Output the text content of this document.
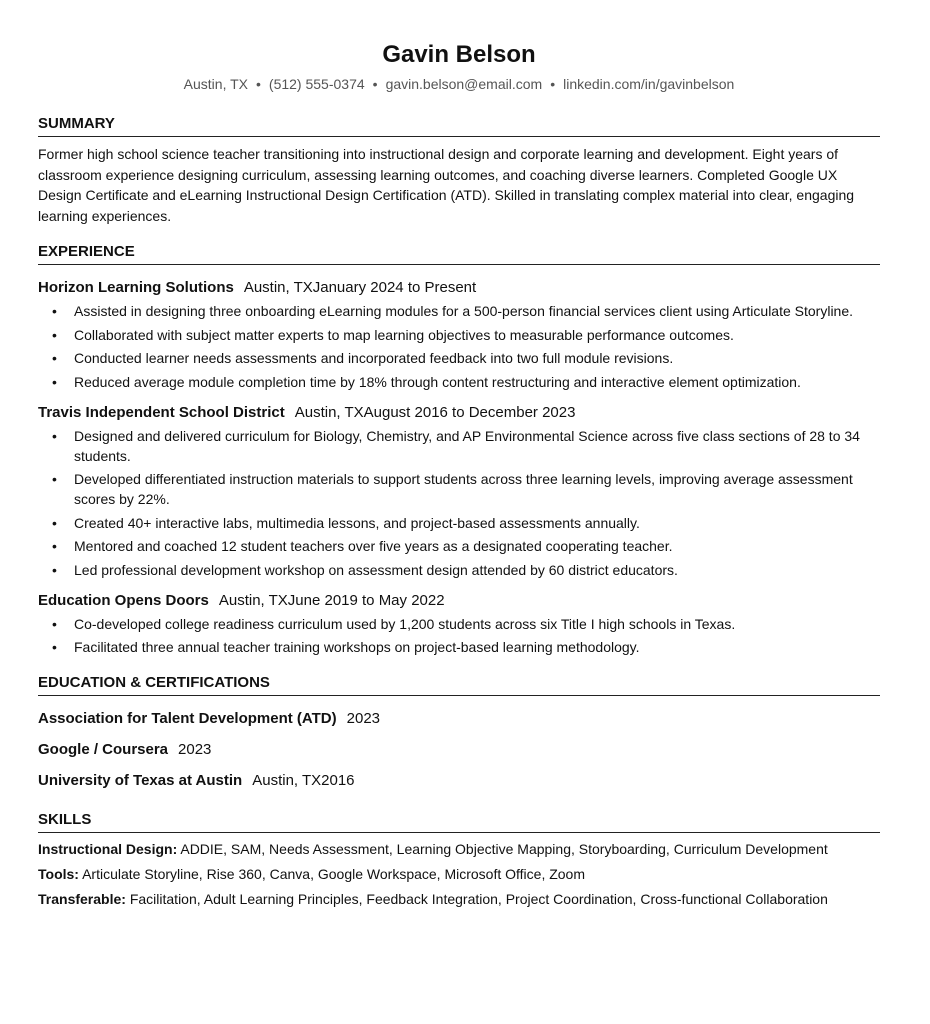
Gavin Belson
Austin, TX • (512) 555-0374 • gavin.belson@email.com • linkedin.com/in/gavinbelson
SUMMARY

Former high school science teacher transitioning into instructional design and corporate learning and development. Eight years of classroom experience designing curriculum, assessing learning outcomes, and coaching diverse learners. Completed Google UX Design Certificate and eLearning Instructional Design Certification (ATD). Skilled in translating complex material into clear, engaging learning experiences.

EXPERIENCE
Horizon Learning Solutions Austin, TXJanuary 2024 to Present
• Assisted in designing three onboarding eLearning modules for a 500-person financial services client using Articulate Storyline.
• Collaborated with subject matter experts to map learning objectives to measurable performance outcomes.
• Conducted learner needs assessments and incorporated feedback into two full module revisions.
• Reduced average module completion time by 18% through content restructuring and interactive element optimization.
Travis Independent School District Austin, TXAugust 2016 to December 2023
• Designed and delivered curriculum for Biology, Chemistry, and AP Environmental Science across five class sections of 28 to 34 students.
• Developed differentiated instruction materials to support students across three learning levels, improving average assessment scores by 22%.
• Created 40+ interactive labs, multimedia lessons, and project-based assessments annually.
• Mentored and coached 12 student teachers over five years as a designated cooperating teacher.
• Led professional development workshop on assessment design attended by 60 district educators.
Education Opens Doors Austin, TXJune 2019 to May 2022
• Co-developed college readiness curriculum used by 1,200 students across six Title I high schools in Texas.
• Facilitated three annual teacher training workshops on project-based learning methodology.
EDUCATION & CERTIFICATIONS
Association for Talent Development (ATD) 2023
Google / Coursera 2023
University of Texas at Austin Austin, TX2016
SKILLS
Instructional Design: ADDIE, SAM, Needs Assessment, Learning Objective Mapping, Storyboarding, Curriculum Development
Tools: Articulate Storyline, Rise 360, Canva, Google Workspace, Microsoft Office, Zoom
Transferable: Facilitation, Adult Learning Principles, Feedback Integration, Project Coordination, Cross-functional Collaboration
